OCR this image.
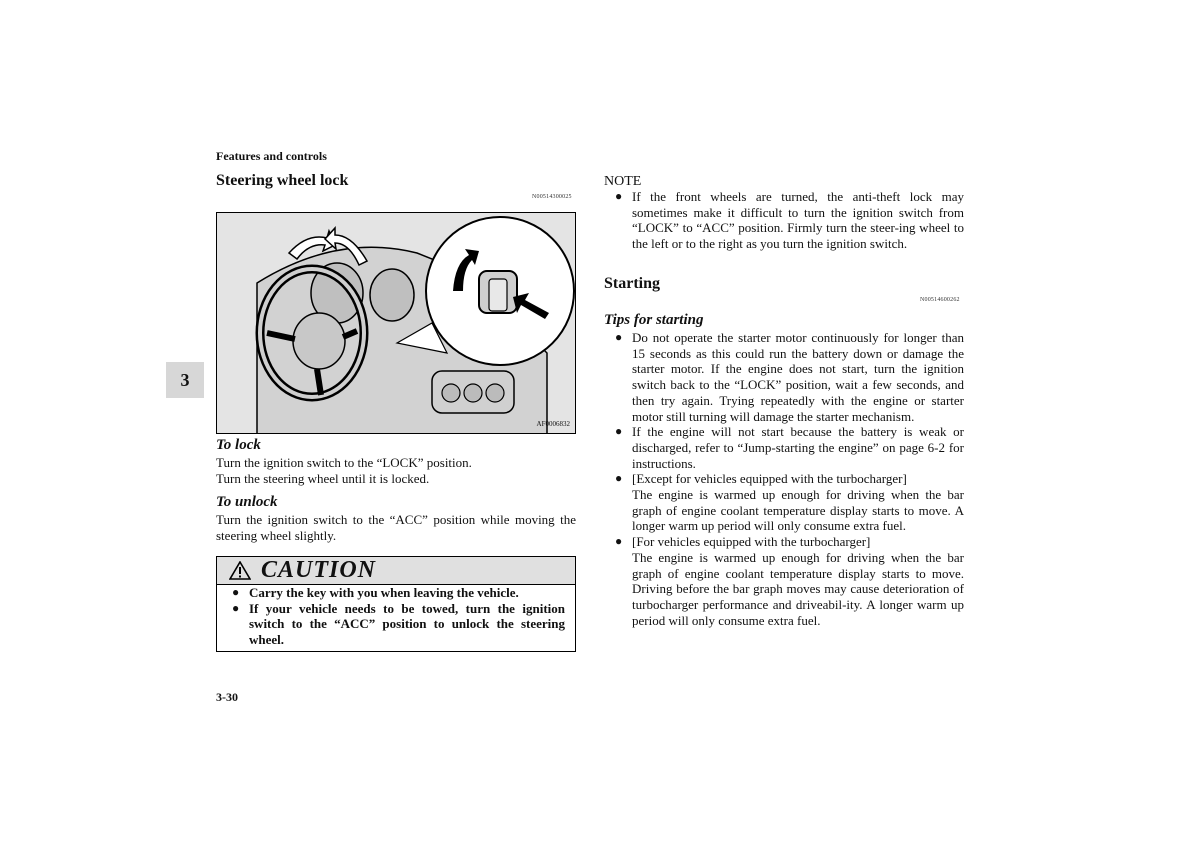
Features and controls
3
Steering wheel lock
N00514300025
AF0006832
To lock
Turn the ignition switch to the “LOCK” position.
Turn the steering wheel until it is locked.
To unlock
Turn the ignition switch to the “ACC” position while moving the steering wheel slightly.
CAUTION
● Carry the key with you when leaving the vehicle.
● If your vehicle needs to be towed, turn the ignition switch to the “ACC” position to unlock the steering wheel.
3-30
NOTE
● If the front wheels are turned, the anti-theft lock may sometimes make it difficult to turn the ignition switch from “LOCK” to “ACC” position. Firmly turn the steer-ing wheel to the left or to the right as you turn the ignition switch.
Starting
N00514600262
Tips for starting
● Do not operate the starter motor continuously for longer than 15 seconds as this could run the battery down or damage the starter motor. If the engine does not start, turn the ignition switch back to the “LOCK” position, wait a few seconds, and then try again. Trying repeatedly with the engine or starter motor still turning will damage the starter mechanism.
● If the engine will not start because the battery is weak or discharged, refer to “Jump-starting the engine” on page 6-2 for instructions.
● [Except for vehicles equipped with the turbocharger]
The engine is warmed up enough for driving when the bar graph of engine coolant temperature display starts to move. A longer warm up period will only consume extra fuel.
● [For vehicles equipped with the turbocharger]
The engine is warmed up enough for driving when the bar graph of engine coolant temperature display starts to move. Driving before the bar graph moves may cause deterioration of turbocharger performance and driveabil-ity. A longer warm up period will only consume extra fuel.
